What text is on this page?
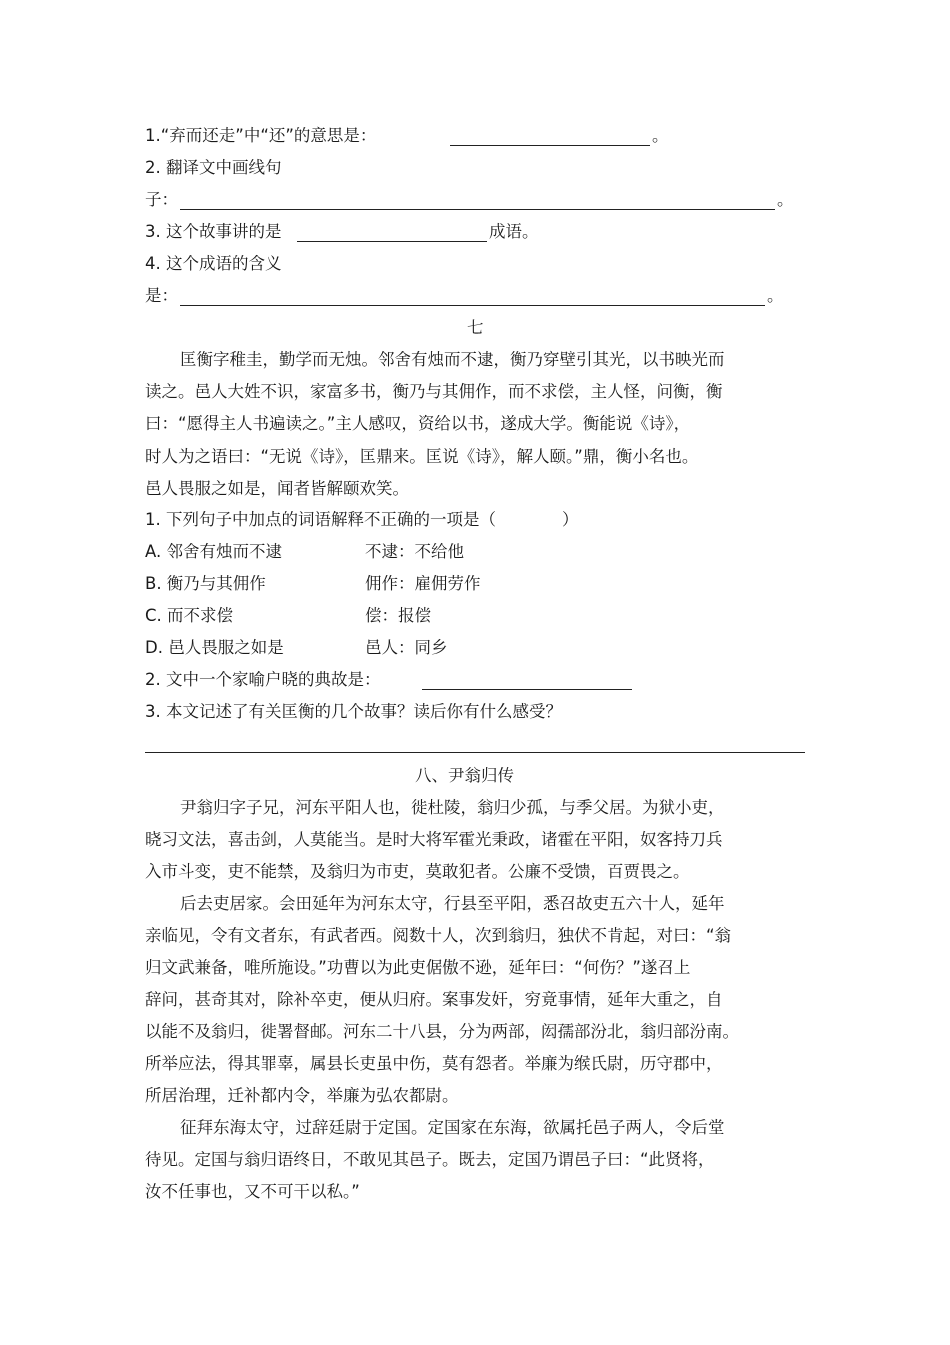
1.“弃而还走”中“还”的意思是：	。
2. 翻译文中画线句
子：	。
3. 这个故事讲的是	成语。
4. 这个成语的含义
是：	。
七
匡衡字稚圭，勤学而无烛。邻舍有烛而不逮，衡乃穿壁引其光，以书映光而
读之。邑人大姓不识，家富多书，衡乃与其佣作，而不求偿，主人怪，问衡，衡
曰：“愿得主人书遍读之。”主人感叹，资给以书，遂成大学。衡能说《诗》，
时人为之语曰：“无说《诗》，匡鼎来。匡说《诗》，解人颐。”鼎，衡小名也。
邑人畏服之如是，闻者皆解颐欢笑。
1. 下列句子中加点的词语解释不正确的一项是（　　　　）
A. 邻舍有烛而不逮	不逮：不给他
B. 衡乃与其佣作	佣作：雇佣劳作
C. 而不求偿	偿：报偿
D. 邑人畏服之如是	邑人：同乡
2. 文中一个家喻户晓的典故是：
3. 本文记述了有关匡衡的几个故事？读后你有什么感受？
八、尹翁归传
尹翁归字子兄，河东平阳人也，徙杜陵，翁归少孤，与季父居。为狱小吏，
晓习文法，喜击剑，人莫能当。是时大将军霍光秉政，诸霍在平阳，奴客持刀兵
入市斗变，吏不能禁，及翁归为市吏，莫敢犯者。公廉不受馈，百贾畏之。
后去吏居家。会田延年为河东太守，行县至平阳，悉召故吏五六十人，延年
亲临见，令有文者东，有武者西。阅数十人，次到翁归，独伏不肯起，对曰：“翁
归文武兼备，唯所施设。”功曹以为此吏倨傲不逊，延年曰：“何伤？”遂召上
辞问，甚奇其对，除补卒吏，便从归府。案事发奸，穷竟事情，延年大重之，自
以能不及翁归，徙署督邮。河东二十八县，分为两部，闳孺部汾北，翁归部汾南。
所举应法，得其罪辜，属县长吏虽中伤，莫有怨者。举廉为缑氏尉，历守郡中，
所居治理，迁补都内令，举廉为弘农都尉。
征拜东海太守，过辞廷尉于定国。定国家在东海，欲属托邑子两人，令后堂
待见。定国与翁归语终日，不敢见其邑子。既去，定国乃谓邑子曰：“此贤将，
汝不任事也，又不可干以私。”
